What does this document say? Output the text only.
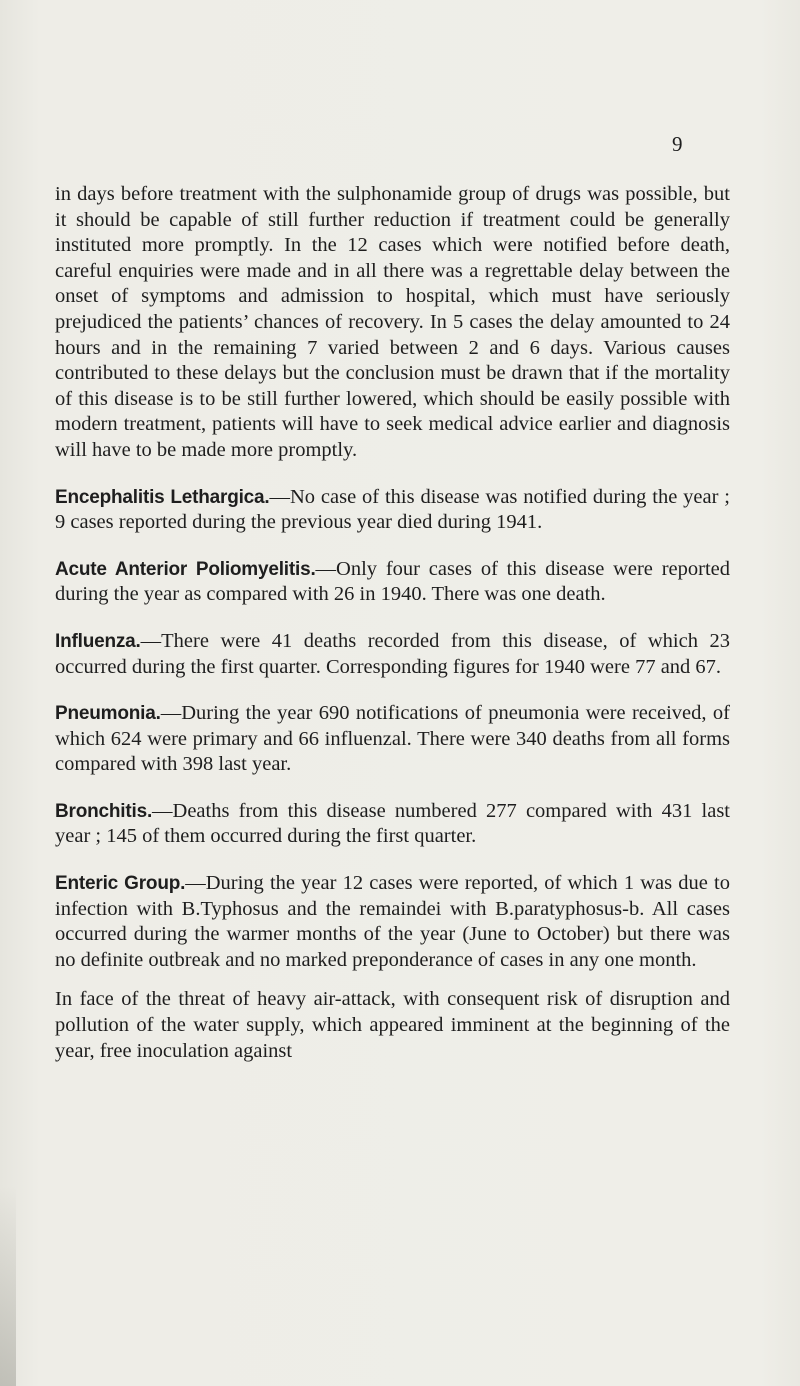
9

in days before treatment with the sulphonamide group of drugs was possible, but it should be capable of still further reduction if treatment could be generally instituted more promptly. In the 12 cases which were notified before death, careful enquiries were made and in all there was a regrettable delay between the onset of symptoms and admission to hospital, which must have seriously prejudiced the patients’ chances of recovery. In 5 cases the delay amounted to 24 hours and in the remaining 7 varied between 2 and 6 days. Various causes contributed to these delays but the conclusion must be drawn that if the mortality of this disease is to be still further lowered, which should be easily possible with modern treatment, patients will have to seek medical advice earlier and diagnosis will have to be made more promptly.

Encephalitis Lethargica.—No case of this disease was notified during the year ; 9 cases reported during the previous year died during 1941.

Acute Anterior Poliomyelitis.—Only four cases of this disease were reported during the year as compared with 26 in 1940. There was one death.

Influenza.—There were 41 deaths recorded from this disease, of which 23 occurred during the first quarter. Corresponding figures for 1940 were 77 and 67.

Pneumonia.—During the year 690 notifications of pneumonia were received, of which 624 were primary and 66 influenzal. There were 340 deaths from all forms compared with 398 last year.

Bronchitis.—Deaths from this disease numbered 277 compared with 431 last year ; 145 of them occurred during the first quarter.

Enteric Group.—During the year 12 cases were reported, of which 1 was due to infection with B.Typhosus and the remaindei with B.paratyphosus-b. All cases occurred during the warmer months of the year (June to October) but there was no definite outbreak and no marked preponderance of cases in any one month.

In face of the threat of heavy air-attack, with consequent risk of disruption and pollution of the water supply, which appeared imminent at the beginning of the year, free inoculation against
